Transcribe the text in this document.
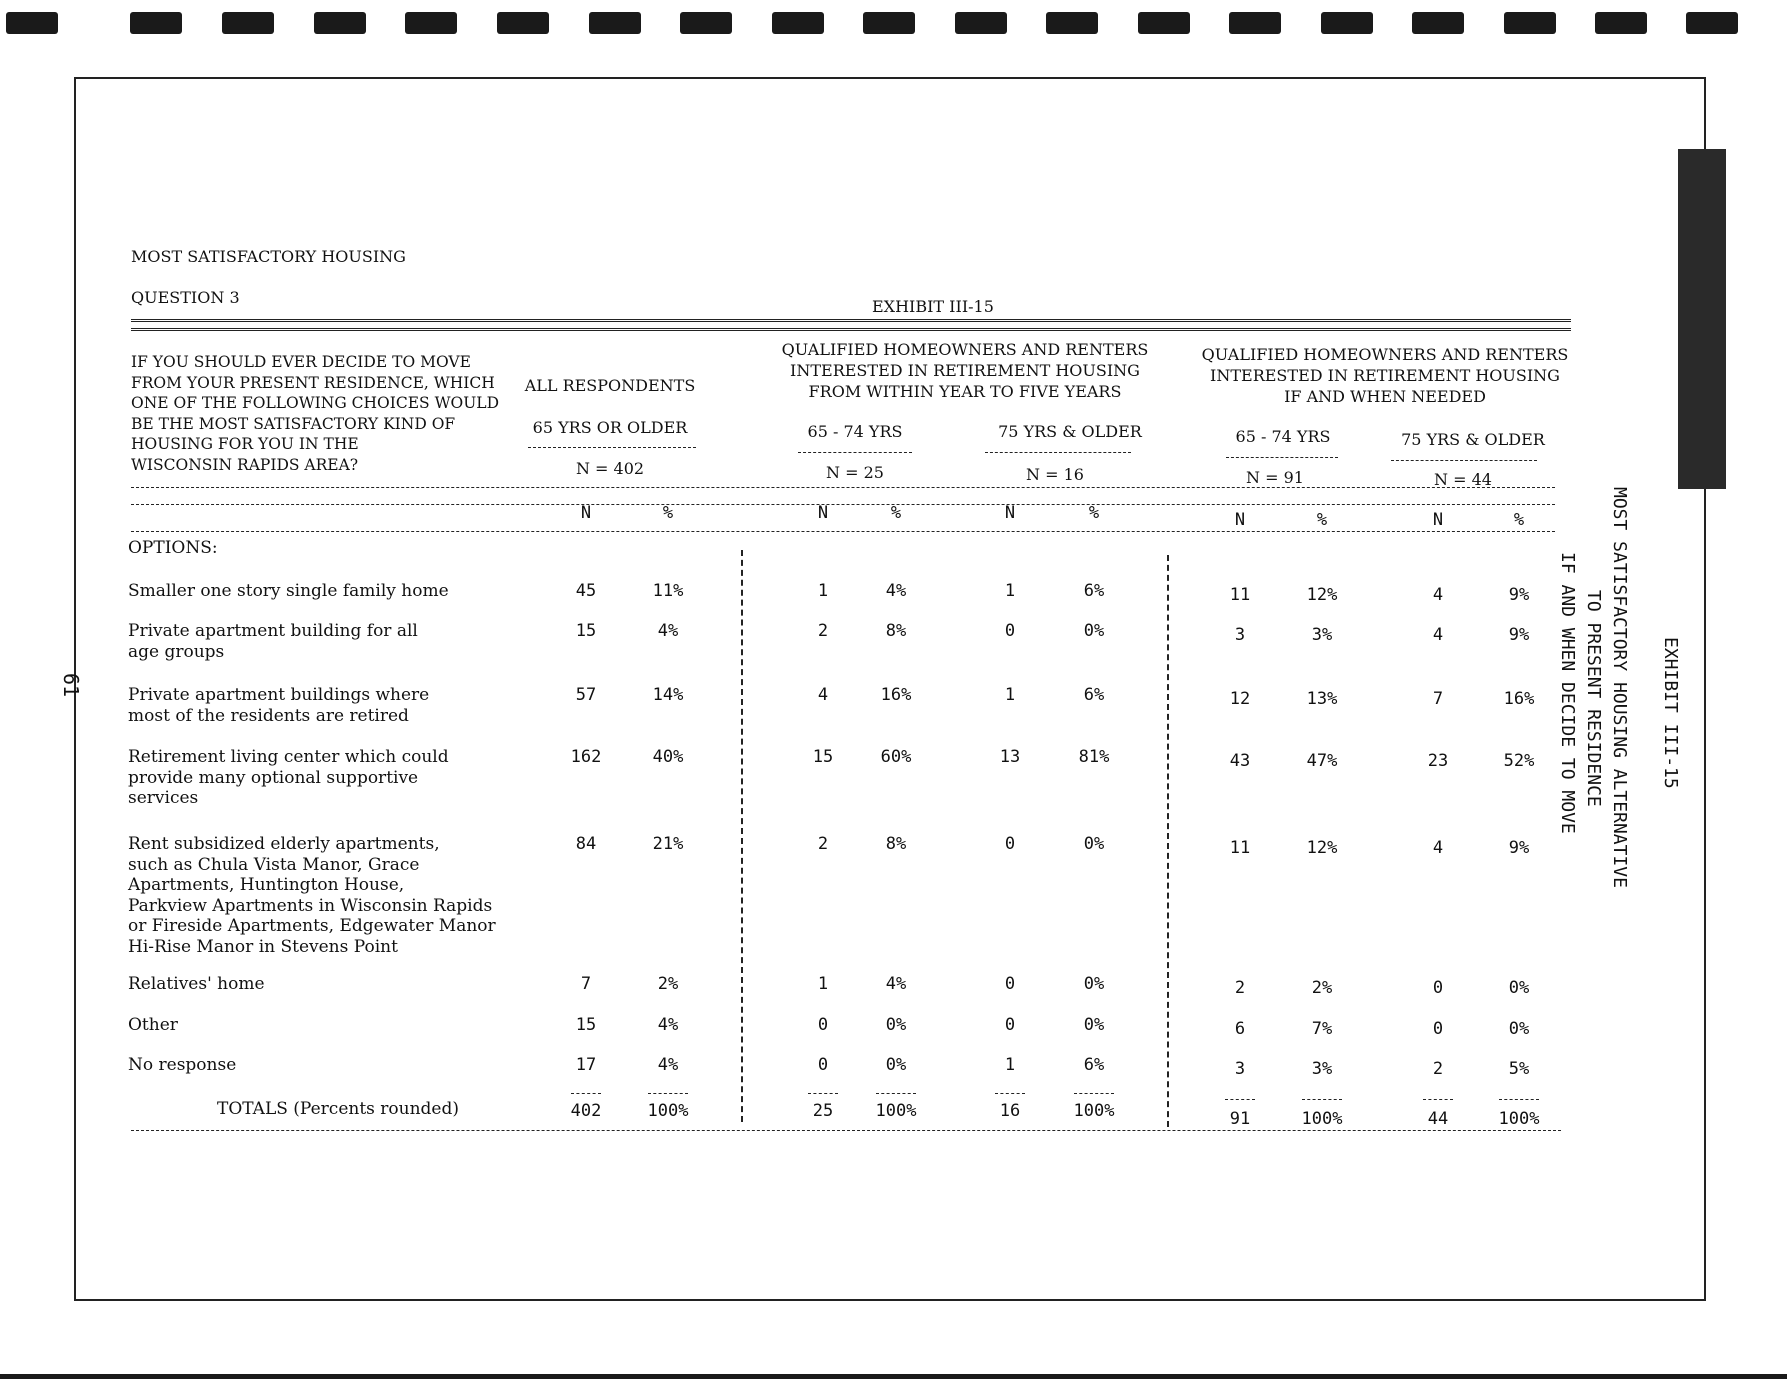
MOST SATISFACTORY HOUSING
QUESTION 3	EXHIBIT III-15
IF YOU SHOULD EVER DECIDE TO MOVE
FROM YOUR PRESENT RESIDENCE, WHICH
ONE OF THE FOLLOWING CHOICES WOULD
BE THE MOST SATISFACTORY KIND OF
HOUSING FOR YOU IN THE
WISCONSIN RAPIDS AREA?
ALL RESPONDENTS
65 YRS OR OLDER
N = 402
QUALIFIED HOMEOWNERS AND RENTERS
INTERESTED IN RETIREMENT HOUSING
FROM WITHIN YEAR TO FIVE YEARS
65 - 74 YRS
N = 25
75 YRS & OLDER
N = 16
QUALIFIED HOMEOWNERS AND RENTERS
INTERESTED IN RETIREMENT HOUSING
IF AND WHEN NEEDED
65 - 74 YRS
N = 91
75 YRS & OLDER
N = 44
N	%	N	%	N	%	N	%	N	%
OPTIONS:
Smaller one story single family home	45	11%	1	4%	1	6%	11	12%	4	9%
Private apartment building for all
age groups
15	4%	2	8%	0	0%	3	3%	4	9%
Private apartment buildings where
most of the residents are retired
57	14%	4	16%	1	6%	12	13%	7	16%
Retirement living center which could
provide many optional supportive
services
162	40%	15	60%	13	81%	43	47%	23	52%
Rent subsidized elderly apartments,
such as Chula Vista Manor, Grace
Apartments, Huntington House,
Parkview Apartments in Wisconsin Rapids
or Fireside Apartments, Edgewater Manor
Hi-Rise Manor in Stevens Point
84	21%	2	8%	0	0%	11	12%	4	9%
Relatives' home	7	2%	1	4%	0	0%	2	2%	0	0%
Other	15	4%	0	0%	0	0%	6	7%	0	0%
No response	17	4%	0	0%	1	6%	3	3%	2	5%
TOTALS (Percents rounded)	402	100%	25	100%	16	100%	91	100%	44	100%
61	EXHIBIT III-15
MOST SATISFACTORY HOUSING ALTERNATIVE
TO PRESENT RESIDENCE
IF AND WHEN DECIDE TO MOVE
